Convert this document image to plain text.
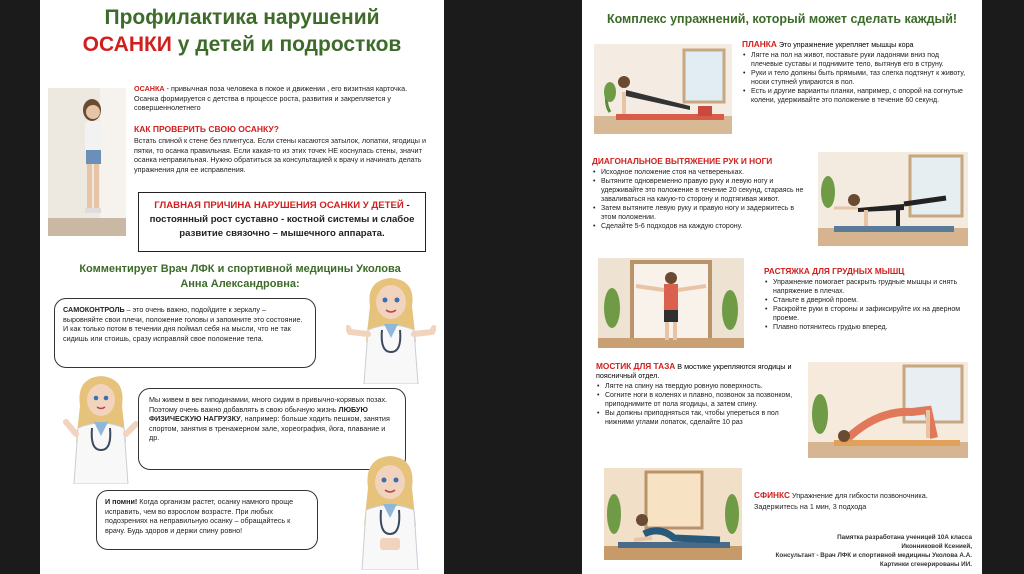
Профилактика нарушений
ОСАНКИ у детей и подростков
ОСАНКА - привычная поза человека в покое и движении , его визитная карточка. Осанка формируется с детства в процессе роста, развития и закрепляется у совершеннолетнего
КАК ПРОВЕРИТЬ СВОЮ ОСАНКУ?
Встать спиной к стене без плинтуса. Если стены касаются затылок, лопатки, ягодицы и пятки, то осанка правильная. Если какая-то из этих точек НЕ коснулась стены, значит осанка неправильная. Нужно обратиться за консультацией к врачу и начинать делать упражнения для ее исправления.
ГЛАВНАЯ ПРИЧИНА НАРУШЕНИЯ ОСАНКИ У ДЕТЕЙ - постоянный рост суставно - костной системы и слабое развитие связочно – мышечного аппарата.
Комментирует Врач ЛФК и спортивной медицины Уколова Анна Александровна:
САМОКОНТРОЛЬ – это очень важно, подойдите к зеркалу – выровняйте свои плечи, положение головы и запомните это состояние. И как только потом в течении дня поймал себя на мысли, что не так сидишь или стоишь, сразу исправляй свое положение тела.
Мы живем в век гиподинамии, много сидим в привычно-корявых позах. Поэтому очень важно добавлять в свою обычную жизнь ЛЮБУЮ ФИЗИЧЕСКУЮ НАГРУЗКУ, например: больше ходить пешком, занятия спортом, занятия в тренажерном зале, хореография, йога, плавание и др.
И помни! Когда организм растет, осанку намного проще исправить, чем во взрослом возрасте. При любых подозрениях на неправильную осанку – обращайтесь к врачу. Будь здоров и держи спину ровно!
Комплекс упражнений, который может сделать каждый!
ПЛАНКА Это упражнение укрепляет мышцы кора
• Лягте на пол на живот, поставьте руки ладонями вниз под плечевые суставы и поднимите тело, вытянув его в струну.
• Руки и тело должны быть прямыми, таз слегка подтянут к животу, носки ступней упираются в пол.
• Есть и другие варианты планки, например, с опорой на согнутые колени, удерживайте это положение в течение 60 секунд.
ДИАГОНАЛЬНОЕ ВЫТЯЖЕНИЕ РУК И НОГИ
• Исходное положение стоя на четвереньках.
• Вытяните одновременно правую руку и левую ногу и удерживайте это положение в течение 20 секунд, стараясь не заваливаться на какую-то сторону и подтягивая живот.
• Затем вытяните левую руку и правую ногу и задержитесь в этом положении.
• Сделайте 5-6 подходов на каждую сторону.
РАСТЯЖКА ДЛЯ ГРУДНЫХ МЫШЦ
• Упражнение помогает раскрыть грудные мышцы и снять напряжение в плечах.
• Станьте в дверной проем.
• Раскройте руки в стороны и зафиксируйте их на дверном проеме.
• Плавно потянитесь грудью вперед.
МОСТИК ДЛЯ ТАЗА В мостике укрепляются ягодицы и поясничный отдел.
• Лягте на спину на твердую ровную поверхность.
• Согните ноги в коленях и плавно, позвонок за позвонком, приподнимите от пола ягодицы, а затем спину.
• Вы должны приподняться так, чтобы упереться в пол нижними углами лопаток, сделайте 10 раз
СФИНКС Упражнение для гибкости позвоночника.
Задержитесь на 1 мин, 3 подхода
Памятка разработана ученицей 10А класса
Иконниковой Ксенией,
Консультант - Врач ЛФК и спортивной медицины Уколова А.А.
Картинки сгенерированы ИИ.
